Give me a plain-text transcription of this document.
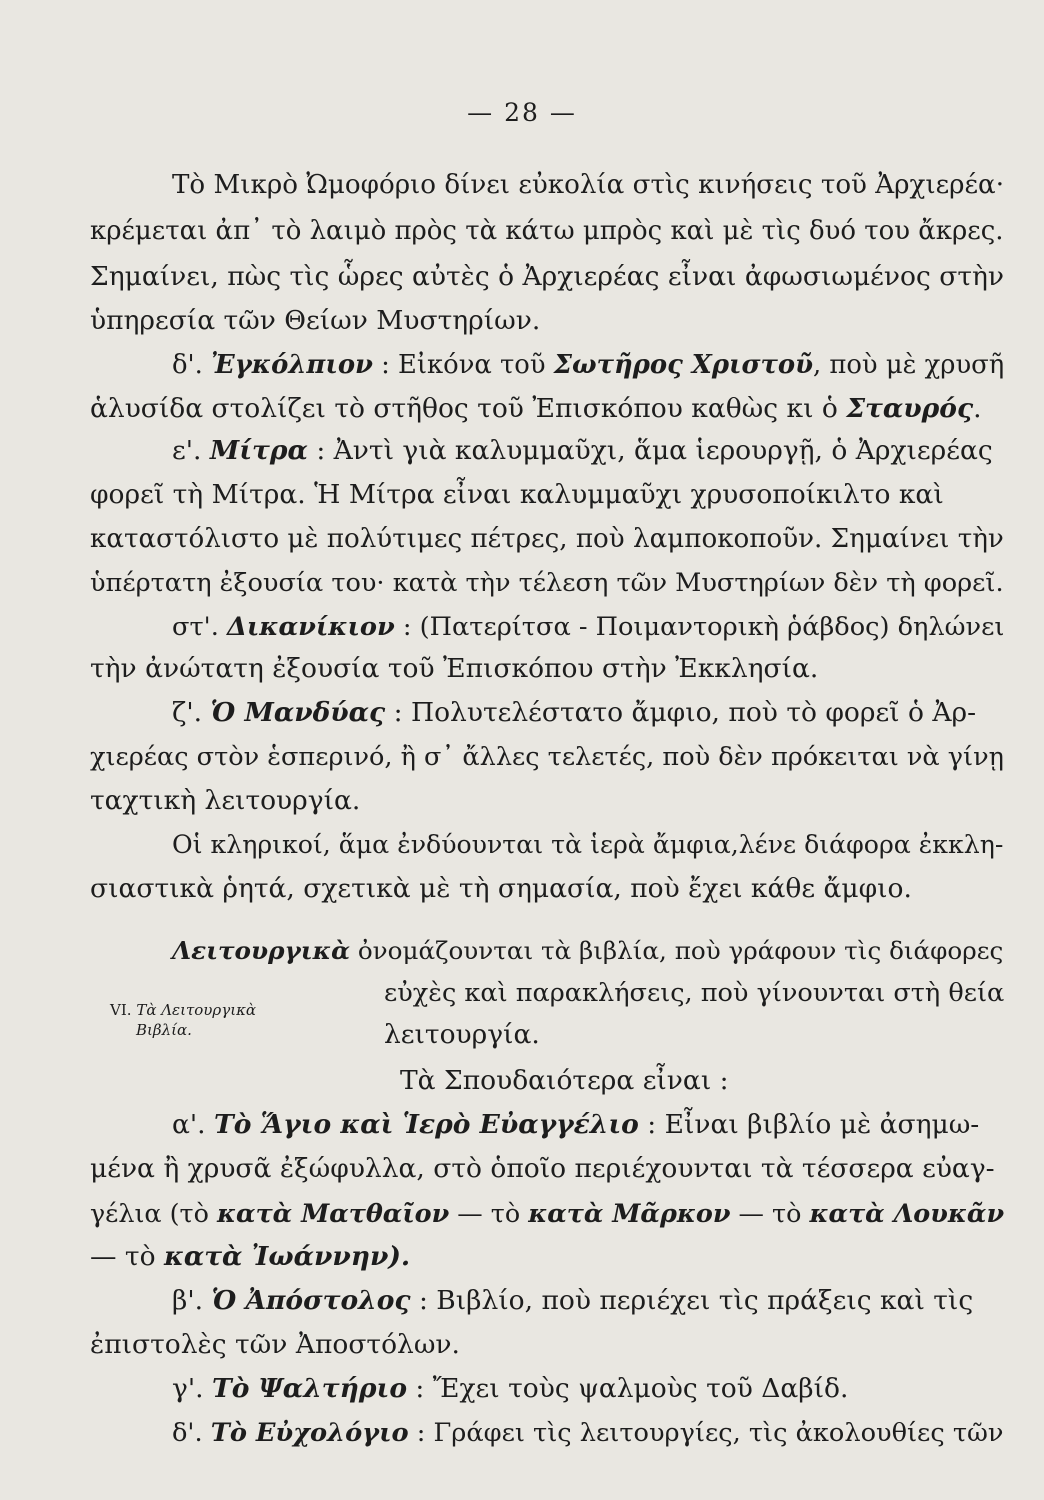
— 28 —
Τὸ Μικρὸ Ὠμοφόριο δίνει εὐκολία στὶς κινήσεις τοῦ Ἀρχιερέα·
κρέμεται ἀπ᾽ τὸ λαιμὸ πρὸς τὰ κάτω μπρὸς καὶ μὲ τὶς δυό του ἄκρες.
Σημαίνει, πὼς τὶς ὧρες αὐτὲς ὁ Ἀρχιερέας εἶναι ἀφωσιωμένος στὴν
ὑπηρεσία τῶν Θείων Μυστηρίων.
δ'. Ἐγκόλπιον : Εἰκόνα τοῦ Σωτῆρος Χριστοῦ, ποὺ μὲ χρυσῆ
ἁλυσίδα στολίζει τὸ στῆθος τοῦ Ἐπισκόπου καθὼς κι ὁ Σταυρός.
ε'. Μίτρα : Ἀντὶ γιὰ καλυμμαῦχι, ἅμα ἱερουργῇ, ὁ Ἀρχιερέας
φορεῖ τὴ Μίτρα. Ἡ Μίτρα εἶναι καλυμμαῦχι χρυσοποίκιλτο καὶ
καταστόλιστο μὲ πολύτιμες πέτρες, ποὺ λαμποκοποῦν. Σημαίνει τὴν
ὑπέρτατη ἐξουσία του· κατὰ τὴν τέλεση τῶν Μυστηρίων δὲν τὴ φορεῖ.
στ'. Δικανίκιον : (Πατερίτσα - Ποιμαντορικὴ ῥάβδος) δηλώνει
τὴν ἀνώτατη ἐξουσία τοῦ Ἐπισκόπου στὴν Ἐκκλησία.
ζ'. Ὁ Μανδύας : Πολυτελέστατο ἄμφιο, ποὺ τὸ φορεῖ ὁ Ἀρ-
χιερέας στὸν ἑσπερινό, ἢ σ᾽ ἄλλες τελετές, ποὺ δὲν πρόκειται νὰ γίνῃ
ταχτικὴ λειτουργία.
Οἱ κληρικοί, ἅμα ἐνδύουνται τὰ ἱερὰ ἄμφια,λένε διάφορα ἐκκλη-
σιαστικὰ ῥητά, σχετικὰ μὲ τὴ σημασία, ποὺ ἔχει κάθε ἄμφιο.
Λειτουργικὰ ὀνομάζουνται τὰ βιβλία, ποὺ γράφουν τὶς διάφορες
εὐχὲς καὶ παρακλήσεις, ποὺ γίνουνται στὴ θεία
λειτουργία.
Τὰ Σπουδαιότερα εἶναι :
α'. Τὸ Ἅγιο καὶ Ἱερὸ Εὐαγγέλιο : Εἶναι βιβλίο μὲ ἀσημω-
μένα ἢ χρυσᾶ ἐξώφυλλα, στὸ ὁποῖο περιέχουνται τὰ τέσσερα εὐαγ-
γέλια (τὸ κατὰ Ματθαῖον — τὸ κατὰ Μᾶρκον — τὸ κατὰ Λουκᾶν
— τὸ κατὰ Ἰωάννην).
β'. Ὁ Ἀπόστολος : Βιβλίο, ποὺ περιέχει τὶς πράξεις καὶ τὶς
ἐπιστολὲς τῶν Ἀποστόλων.
γ'. Τὸ Ψαλτήριο : Ἔχει τοὺς ψαλμοὺς τοῦ Δαβίδ.
δ'. Τὸ Εὐχολόγιο : Γράφει τὶς λειτουργίες, τὶς ἀκολουθίες τῶν
VI. Τὰ Λειτουργικὰ
Βιβλία.
